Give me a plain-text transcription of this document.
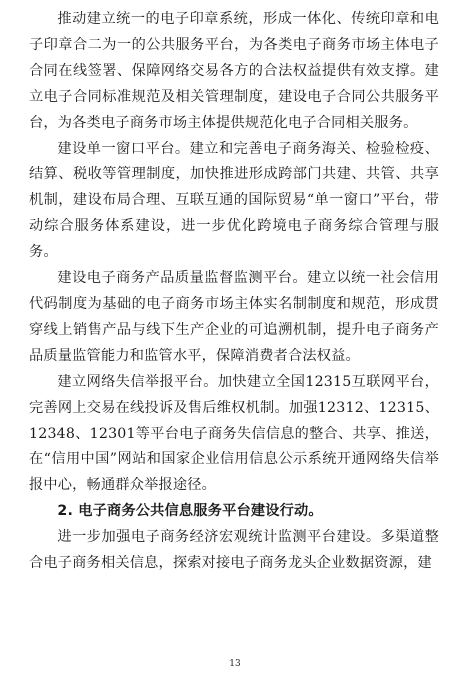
推动建立统一的电子印章系统，形成一体化、传统印章和电子印章合二为一的公共服务平台，为各类电子商务市场主体电子合同在线签署、保障网络交易各方的合法权益提供有效支撑。建立电子合同标准规范及相关管理制度，建设电子合同公共服务平台，为各类电子商务市场主体提供规范化电子合同相关服务。

建设单一窗口平台。建立和完善电子商务海关、检验检疫、结算、税收等管理制度，加快推进形成跨部门共建、共管、共享机制，建设布局合理、互联互通的国际贸易“单一窗口”平台，带动综合服务体系建设，进一步优化跨境电子商务综合管理与服务。

建设电子商务产品质量监督监测平台。建立以统一社会信用代码制度为基础的电子商务市场主体实名制制度和规范，形成贯穿线上销售产品与线下生产企业的可追溯机制，提升电子商务产品质量监管能力和监管水平，保障消费者合法权益。

建立网络失信举报平台。加快建立全国12315互联网平台，完善网上交易在线投诉及售后维权机制。加强12312、12315、12348、12301等平台电子商务失信信息的整合、共享、推送，在“信用中国”网站和国家企业信用信息公示系统开通网络失信举报中心，畅通群众举报途径。

2. 电子商务公共信息服务平台建设行动。

进一步加强电子商务经济宏观统计监测平台建设。多渠道整合电子商务相关信息，探索对接电子商务龙头企业数据资源，建

13
